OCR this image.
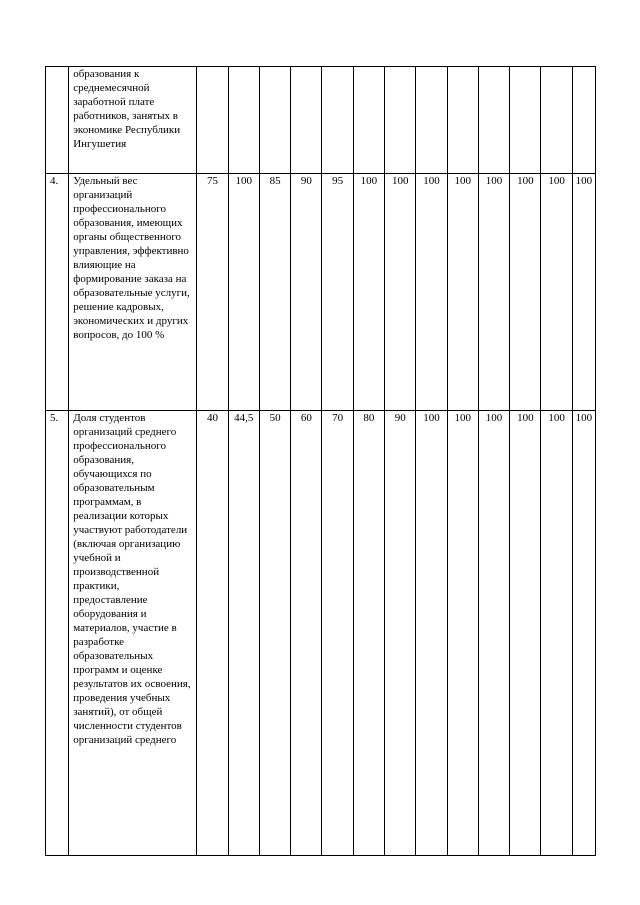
	образования к среднемесячной заработной плате работников, занятых в экономике Республики Ингушетия													

4.	Удельный вес организаций профессионального образования, имеющих органы общественного управления, эффективно влияющие на формирование заказа на образовательные услуги, решение кадровых, экономических и других вопросов, до 100 %	75	100	85	90	95	100	100	100	100	100	100	100	100
5.	Доля студентов организаций среднего профессионального образования, обучающихся по образовательным программам, в реализации которых участвуют работодатели (включая организацию учебной и производственной практики, предоставление оборудования и материалов, участие в разработке образовательных программ и оценке результатов их освоения, проведения учебных занятий), от общей численности студентов организаций среднего	40	44,5	50	60	70	80	90	100	100	100	100	100	100
